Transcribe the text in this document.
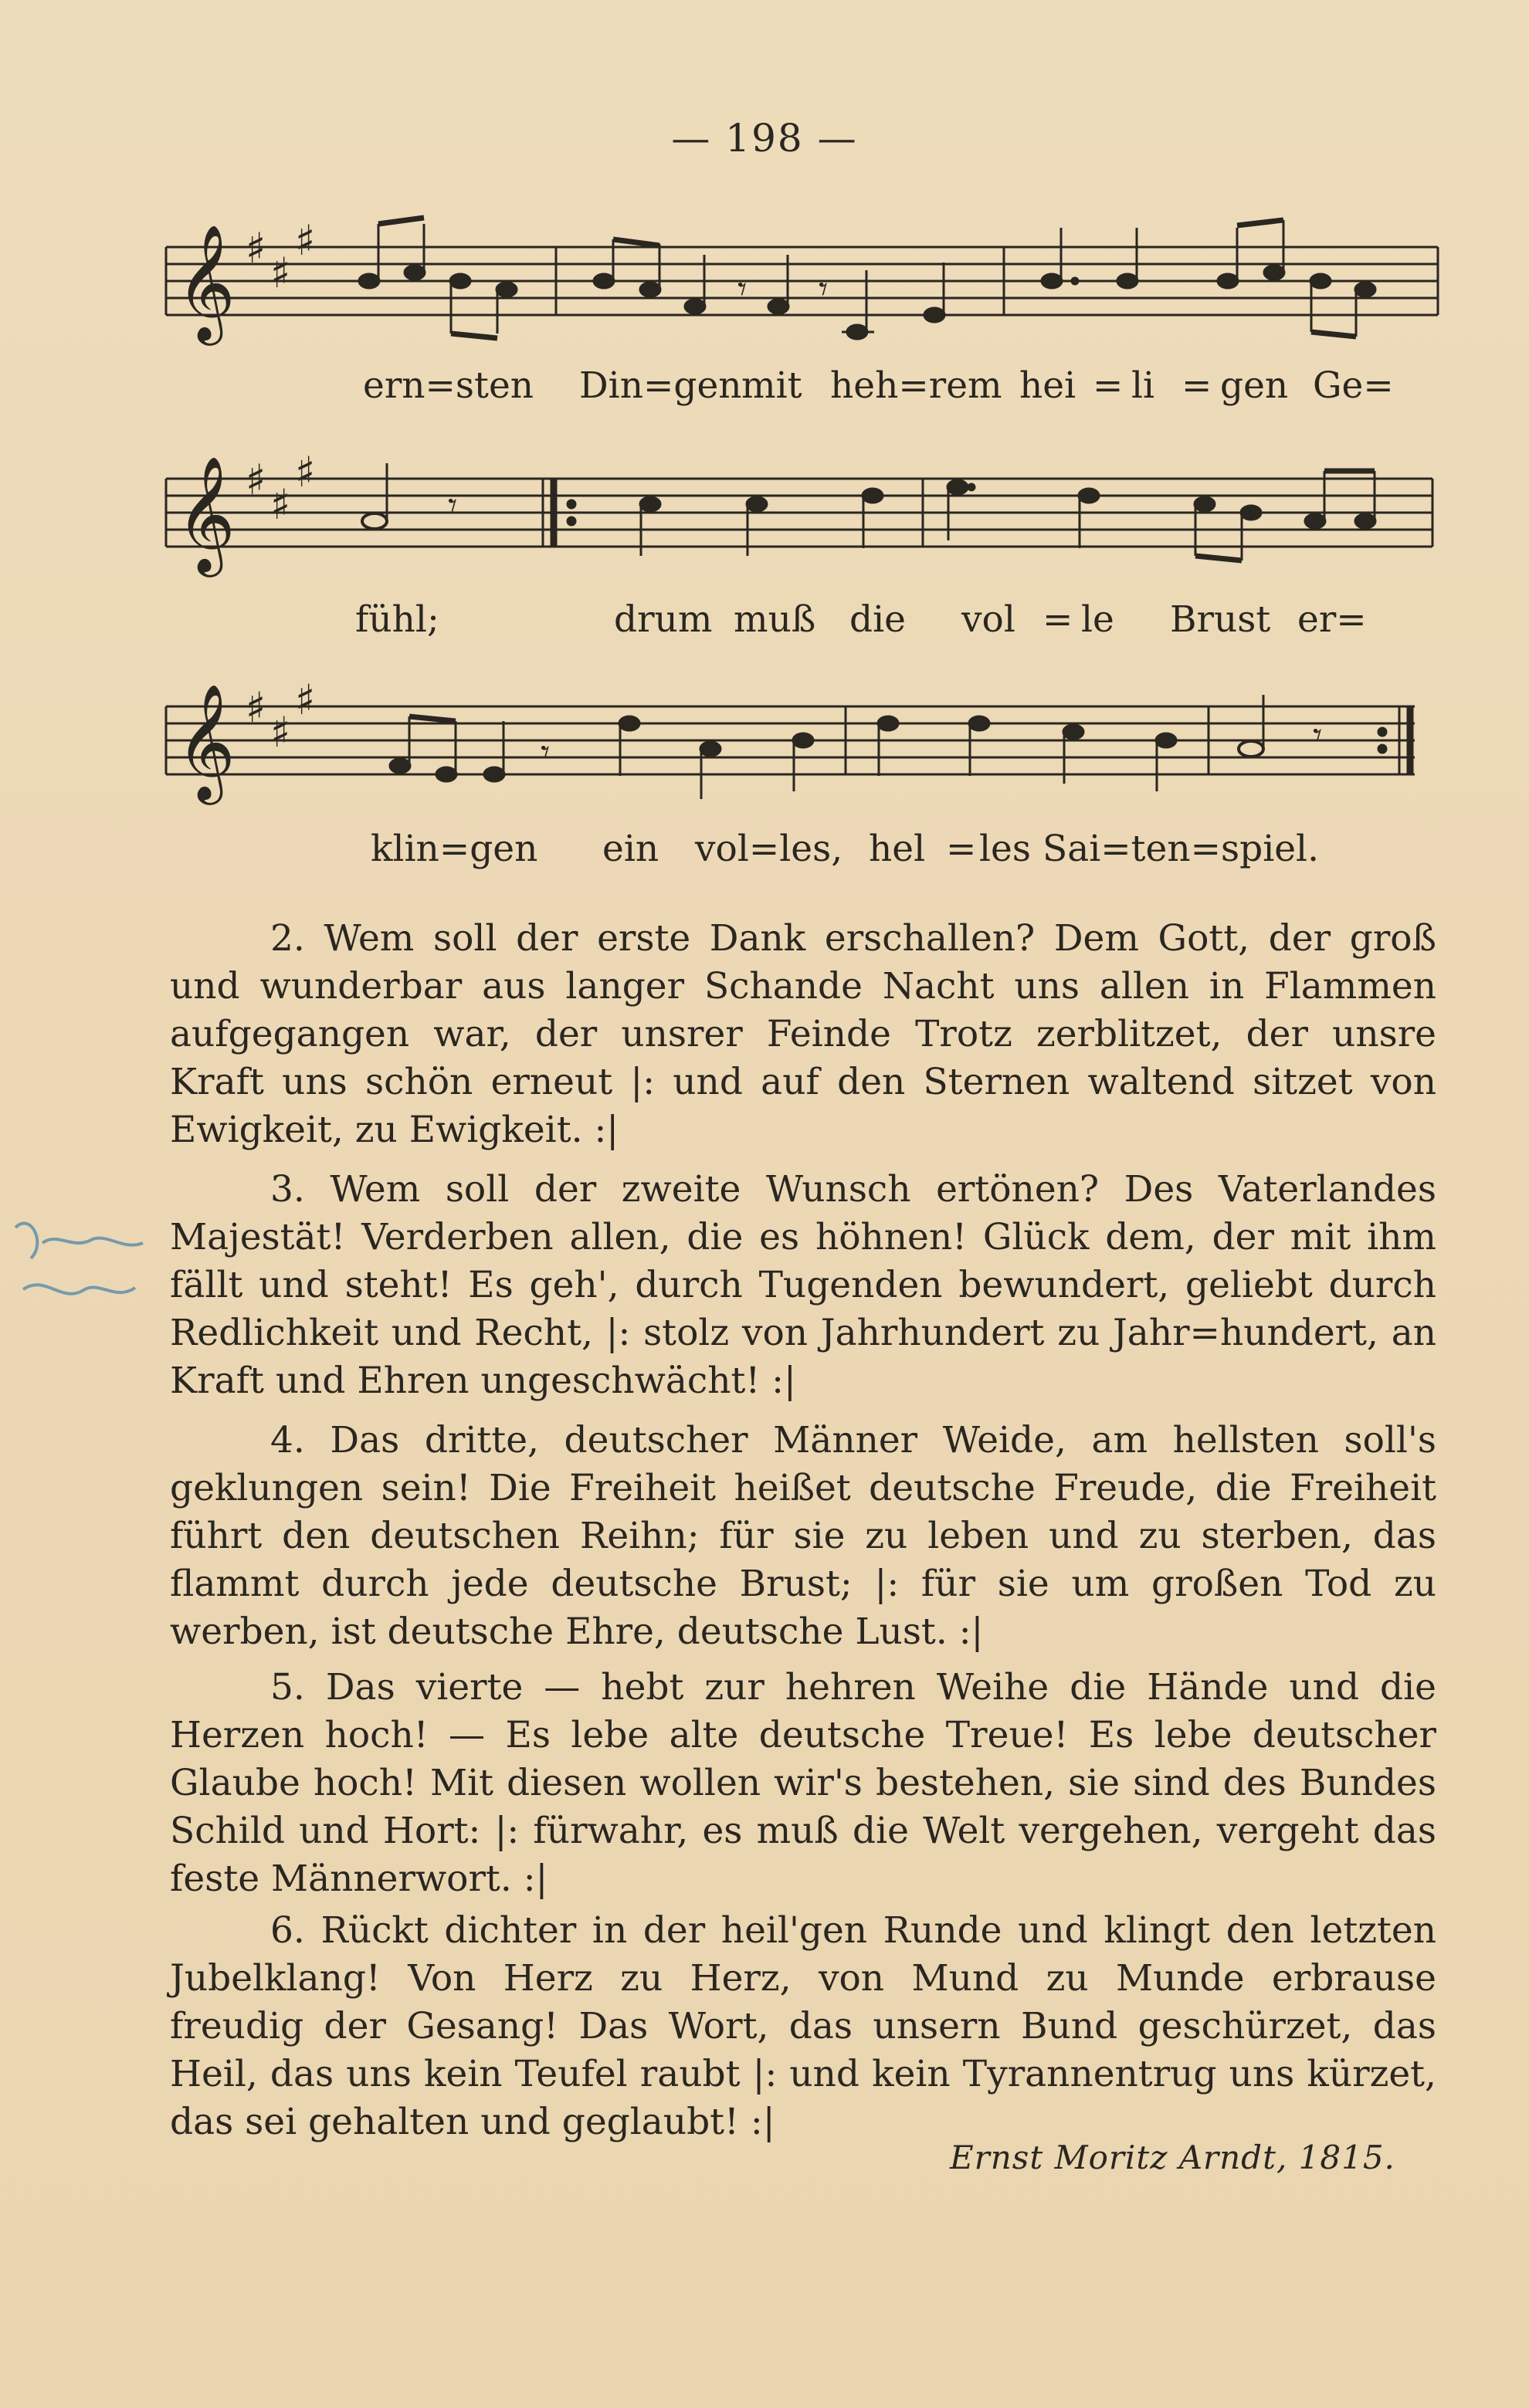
— 198 —
𝄞 ♯
♯
♯
𝄾 𝄾
ern=sten Din=gen mit heh=rem hei = li = gen Ge=
𝄞 ♯
♯
♯
𝄾
fühl;	drum muß die vol = le Brust er=
𝄞 ♯
♯
♯
𝄾	𝄾
klin=gen ein vol=les, hel = les Sai=ten=spiel.
2. Wem soll der erste Dank erschallen? Dem Gott, der groß und wunderbar aus langer Schande Nacht uns allen in Flammen aufgegangen war, der unsrer Feinde Trotz zerblitzet, der unsre Kraft uns schön erneut |: und auf den Sternen waltend sitzet von Ewigkeit, zu Ewigkeit. :|
3. Wem soll der zweite Wunsch ertönen? Des Vaterlandes Majestät! Verderben allen, die es höhnen! Glück dem, der mit ihm fällt und steht! Es geh', durch Tugenden bewundert, geliebt durch Redlichkeit und Recht, |: stolz von Jahrhundert zu Jahr=hundert, an Kraft und Ehren ungeschwächt! :|
4. Das dritte, deutscher Männer Weide, am hellsten soll's geklungen sein! Die Freiheit heißet deutsche Freude, die Freiheit führt den deutschen Reihn; für sie zu leben und zu sterben, das flammt durch jede deutsche Brust; |: für sie um großen Tod zu werben, ist deutsche Ehre, deutsche Lust. :|
5. Das vierte — hebt zur hehren Weihe die Hände und die Herzen hoch! — Es lebe alte deutsche Treue! Es lebe deutscher Glaube hoch! Mit diesen wollen wir's bestehen, sie sind des Bundes Schild und Hort: |: fürwahr, es muß die Welt vergehen, vergeht das feste Männerwort. :|
6. Rückt dichter in der heil'gen Runde und klingt den letzten Jubelklang! Von Herz zu Herz, von Mund zu Munde erbrause freudig der Gesang! Das Wort, das unsern Bund geschürzet, das Heil, das uns kein Teufel raubt |: und kein Tyrannentrug uns kürzet, das sei gehalten und geglaubt! :|
Ernst Moritz Arndt, 1815.
